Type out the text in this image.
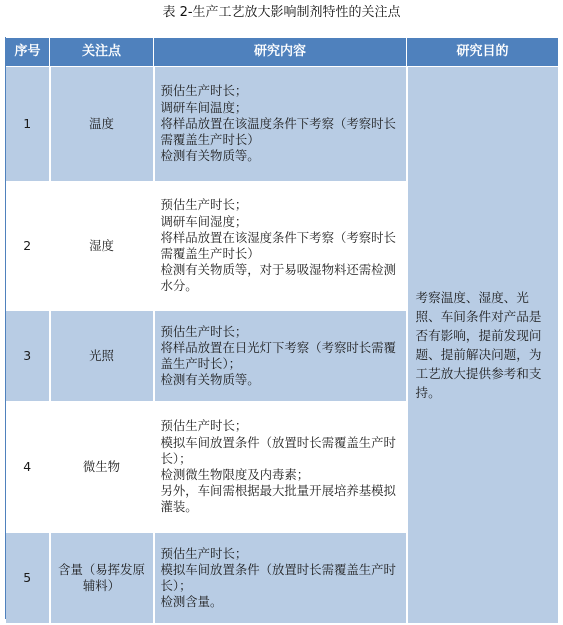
表 2-生产工艺放大影响制剂特性的关注点
序号	关注点	研究内容	研究目的
1	温度	预估生产时长；
调研车间温度；
将样品放置在该温度条件下考察（考察时长需覆盖生产时长）
检测有关物质等。	考察温度、湿度、光照、车间条件对产品是否有影响，提前发现问题、提前解决问题，为工艺放大提供参考和支持。
2	湿度	预估生产时长；
调研车间湿度；
将样品放置在该湿度条件下考察（考察时长需覆盖生产时长）
检测有关物质等，对于易吸湿物料还需检测水分。	

3	光照	预估生产时长；
将样品放置在日光灯下考察（考察时长需覆盖生产时长）；
检测有关物质等。	

4	微生物	预估生产时长；
模拟车间放置条件（放置时长需覆盖生产时长）；
检测微生物限度及内毒素；
另外，车间需根据最大批量开展培养基模拟灌装。	

5	含量（易挥发原辅料）	预估生产时长；
模拟车间放置条件（放置时长需覆盖生产时长）；
检测含量。	
